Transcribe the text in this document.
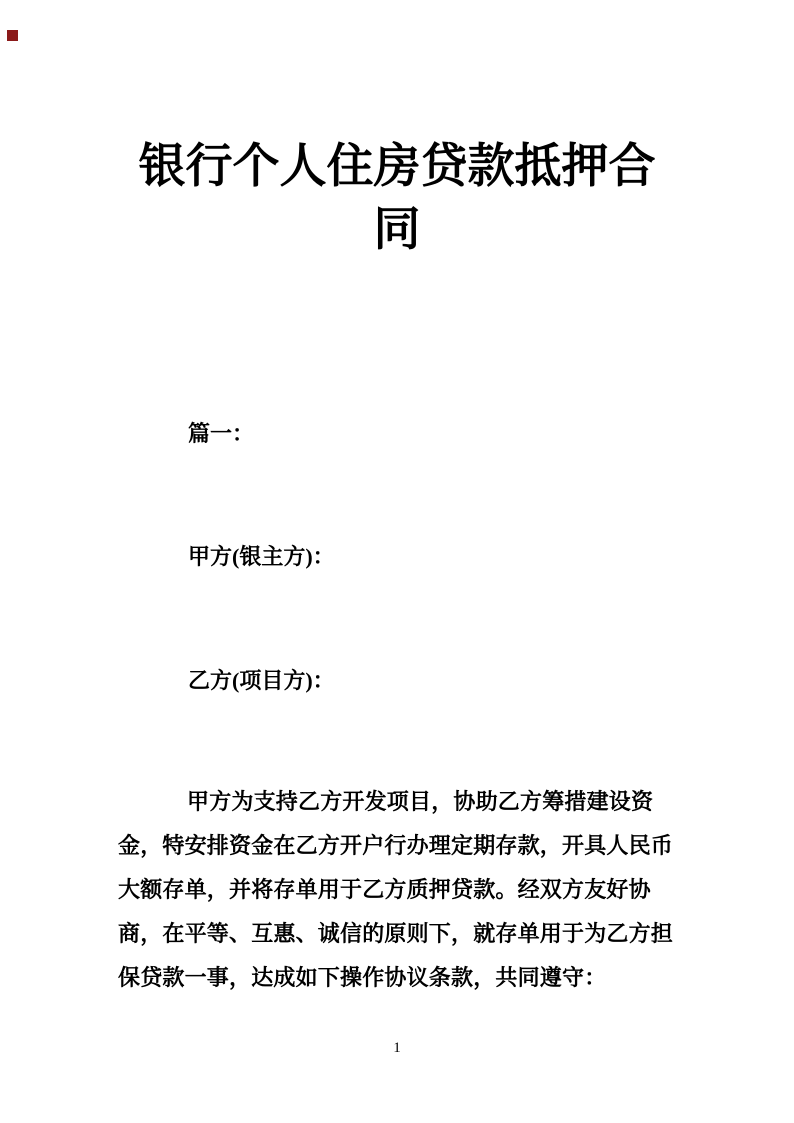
银行个人住房贷款抵押合
同
篇一：
甲方(银主方)：
乙方(项目方)：
甲方为支持乙方开发项目，协助乙方筹措建设资
金，特安排资金在乙方开户行办理定期存款，开具人民币
大额存单，并将存单用于乙方质押贷款。经双方友好协
商，在平等、互惠、诚信的原则下，就存单用于为乙方担
保贷款一事，达成如下操作协议条款，共同遵守：
1
